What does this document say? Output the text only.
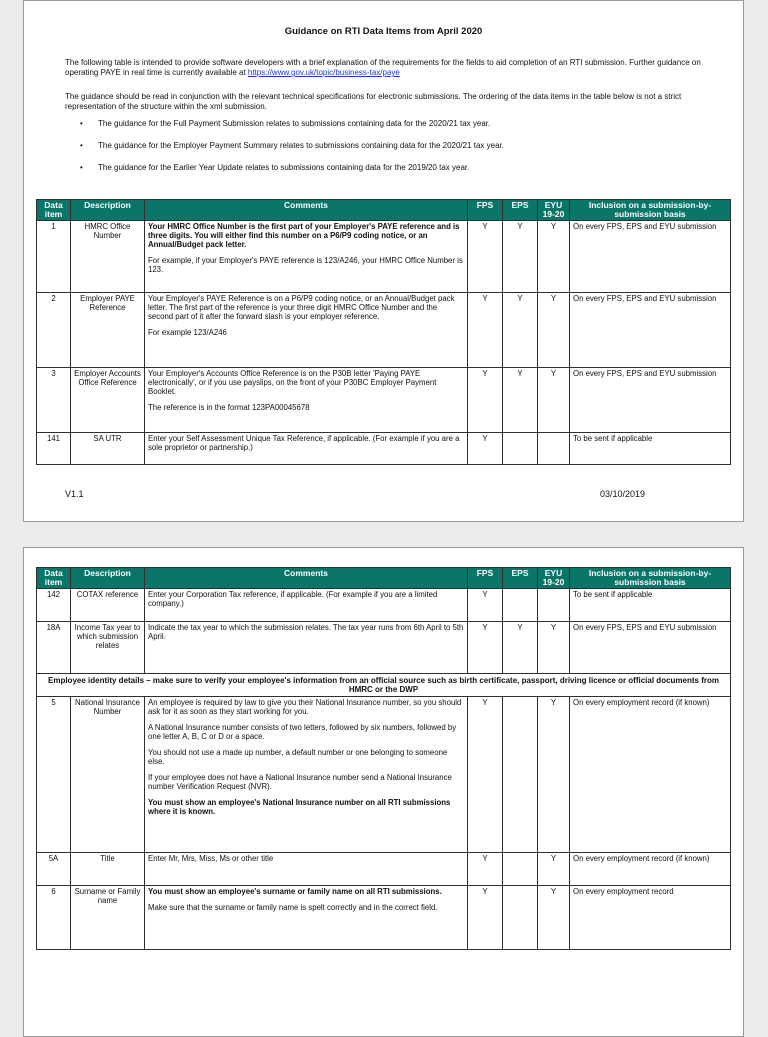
Guidance on RTI Data Items from April 2020

The following table is intended to provide software developers with a brief explanation of the requirements for the fields to aid completion of an RTI submission. Further guidance on operating PAYE in real time is currently available at https://www.gov.uk/topic/business-tax/paye

The guidance should be read in conjunction with the relevant technical specifications for electronic submissions. The ordering of the data items in the table below is not a strict representation of the structure within the xml submission.

• The guidance for the Full Payment Submission relates to submissions containing data for the 2020/21 tax year.
• The guidance for the Employer Payment Summary relates to submissions containing data for the 2020/21 tax year.
• The guidance for the Earlier Year Update relates to submissions containing data for the 2019/20 tax year.
Data item	Description	Comments	FPS	EPS	EYU 19-20	Inclusion on a submission-by-submission basis
1	HMRC Office Number	Your HMRC Office Number is the first part of your Employer's PAYE reference and is three digits. You will either find this number on a P6/P9 coding notice, or an Annual/Budget pack letter.

For example, if your Employer's PAYE reference is 123/A246, your HMRC Office Number is 123.	Y	Y	Y	On every FPS, EPS and EYU submission
2	Employer PAYE Reference	Your Employer's PAYE Reference is on a P6/P9 coding notice, or an Annual/Budget pack letter. The first part of the reference is your three digit HMRC Office Number and the second part of it after the forward slash is your employer reference.

For example 123/A246	Y	Y	Y	On every FPS, EPS and EYU submission
3	Employer Accounts Office Reference	Your Employer's Accounts Office Reference is on the P30B letter 'Paying PAYE electronically', or if you use payslips, on the front of your P30BC Employer Payment Booklet.

The reference is in the format 123PA00045678	Y	Y	Y	On every FPS, EPS and EYU submission
141	SA UTR	Enter your Self Assessment Unique Tax Reference, if applicable. (For example if you are a sole proprietor or partnership.)	Y			To be sent if applicable
V1.1	03/10/2019
Data item	Description	Comments	FPS	EPS	EYU 19-20	Inclusion on a submission-by-submission basis
142	COTAX reference	Enter your Corporation Tax reference, if applicable. (For example if you are a limited company.)	Y			To be sent if applicable
18A	Income Tax year to which submission relates	Indicate the tax year to which the submission relates. The tax year runs from 6th April to 5th April.	Y	Y	Y	On every FPS, EPS and EYU submission
Employee identity details – make sure to verify your employee's information from an official source such as birth certificate, passport, driving licence or official documents from HMRC or the DWP						
5	National Insurance Number	An employee is required by law to give you their National Insurance number, so you should ask for it as soon as they start working for you.

A National Insurance number consists of two letters, followed by six numbers, followed by one letter A, B, C or D or a space.

You should not use a made up number, a default number or one belonging to someone else.

If your employee does not have a National Insurance number send a National Insurance number Verification Request (NVR).

You must show an employee's National Insurance number on all RTI submissions where it is known.	Y		Y	On every employment record (if known)
5A	Title	Enter Mr, Mrs, Miss, Ms or other title	Y		Y	On every employment record (if known)
6	Surname or Family name	You must show an employee's surname or family name on all RTI submissions.

Make sure that the surname or family name is spelt correctly and in the correct field.	Y		Y	On every employment record
